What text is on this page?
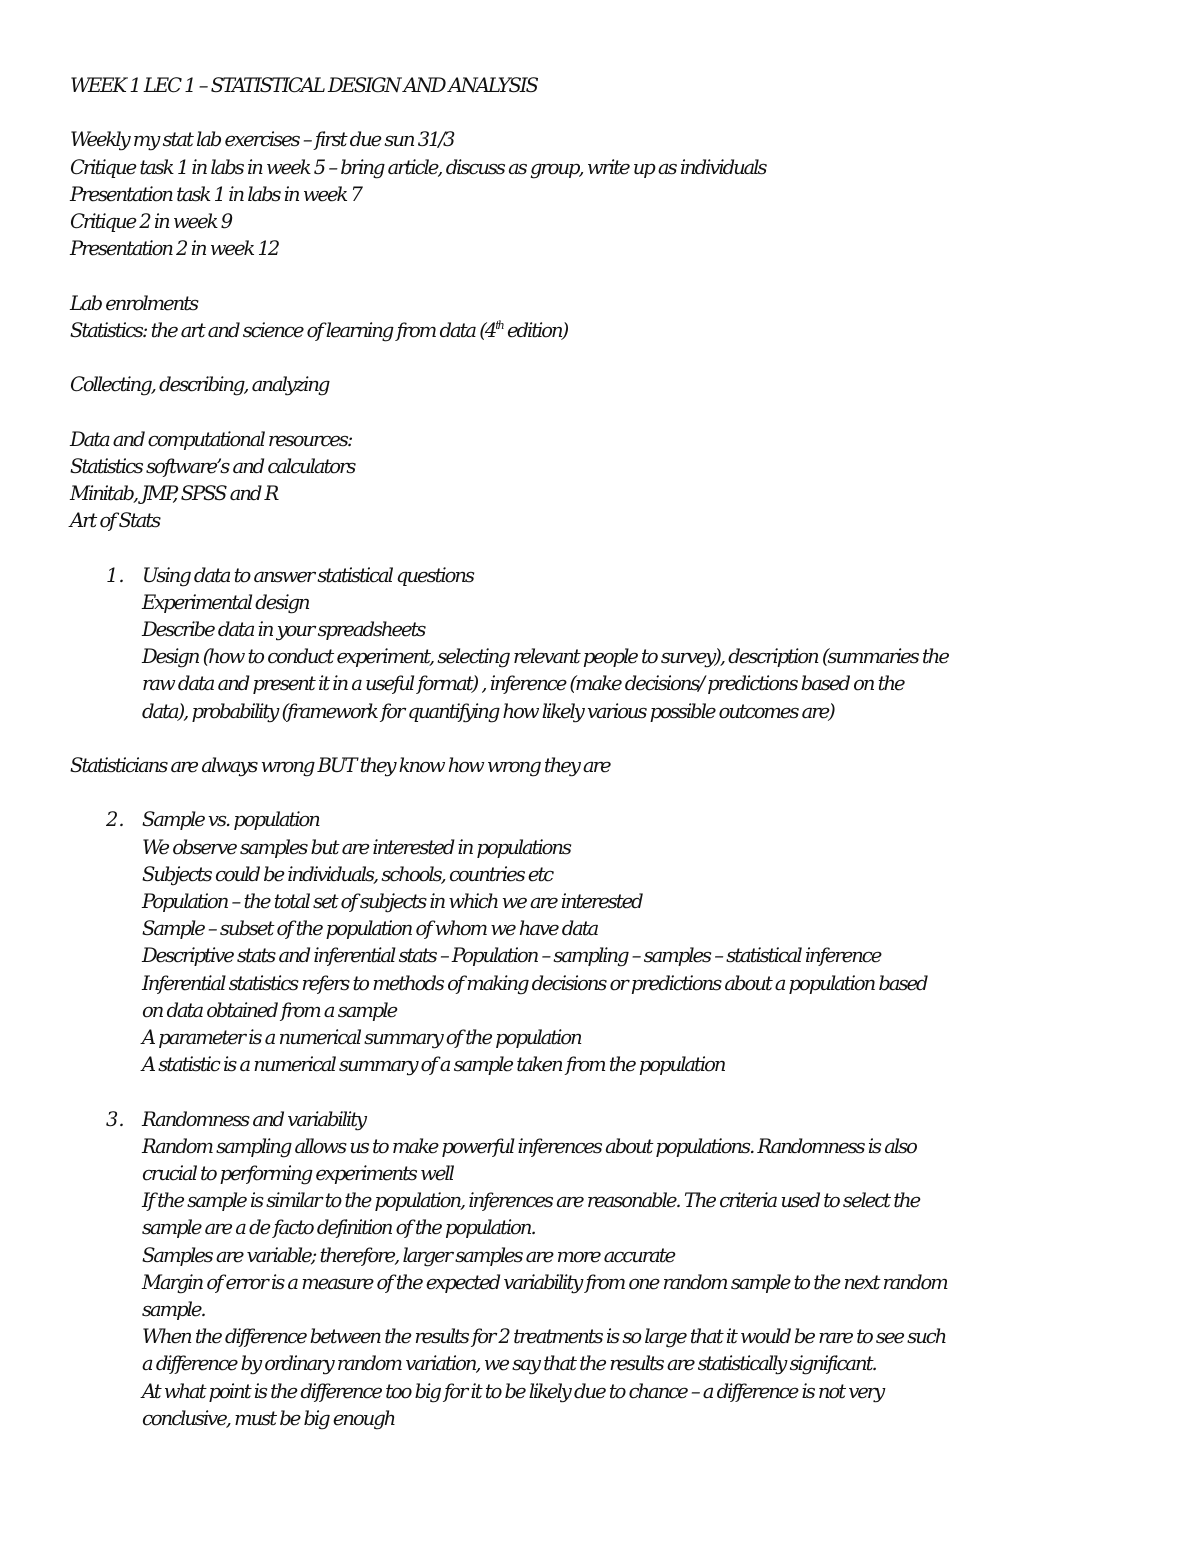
WEEK 1 LEC 1 – STATISTICAL DESIGN AND ANALYSIS
Weekly my stat lab exercises – first due sun 31/3
Critique task 1 in labs in week 5 – bring article, discuss as group, write up as individuals
Presentation task 1 in labs in week 7
Critique 2 in week 9
Presentation 2 in week 12
Lab enrolments
Statistics: the art and science of learning from data (4th edition)
Collecting, describing, analyzing
Data and computational resources:
Statistics software’s and calculators
Minitab, JMP, SPSS and R
Art of Stats
1. Using data to answer statistical questions
Experimental design
Describe data in your spreadsheets
Design (how to conduct experiment, selecting relevant people to survey), description (summaries the
raw data and present it in a useful format) , inference (make decisions/ predictions based on the
data), probability (framework for quantifying how likely various possible outcomes are)
Statisticians are always wrong BUT they know how wrong they are
2. Sample vs. population
We observe samples but are interested in populations
Subjects could be individuals, schools, countries etc
Population – the total set of subjects in which we are interested
Sample – subset of the population of whom we have data
Descriptive stats and inferential stats – Population – sampling – samples – statistical inference
Inferential statistics refers to methods of making decisions or predictions about a population based
on data obtained from a sample
A parameter is a numerical summary of the population
A statistic is a numerical summary of a sample taken from the population
3. Randomness and variability
Random sampling allows us to make powerful inferences about populations. Randomness is also
crucial to performing experiments well
If the sample is similar to the population, inferences are reasonable. The criteria used to select the
sample are a de facto definition of the population.
Samples are variable; therefore, larger samples are more accurate
Margin of error is a measure of the expected variability from one random sample to the next random
sample.
When the difference between the results for 2 treatments is so large that it would be rare to see such
a difference by ordinary random variation, we say that the results are statistically significant.
At what point is the difference too big for it to be likely due to chance – a difference is not very
conclusive, must be big enough
